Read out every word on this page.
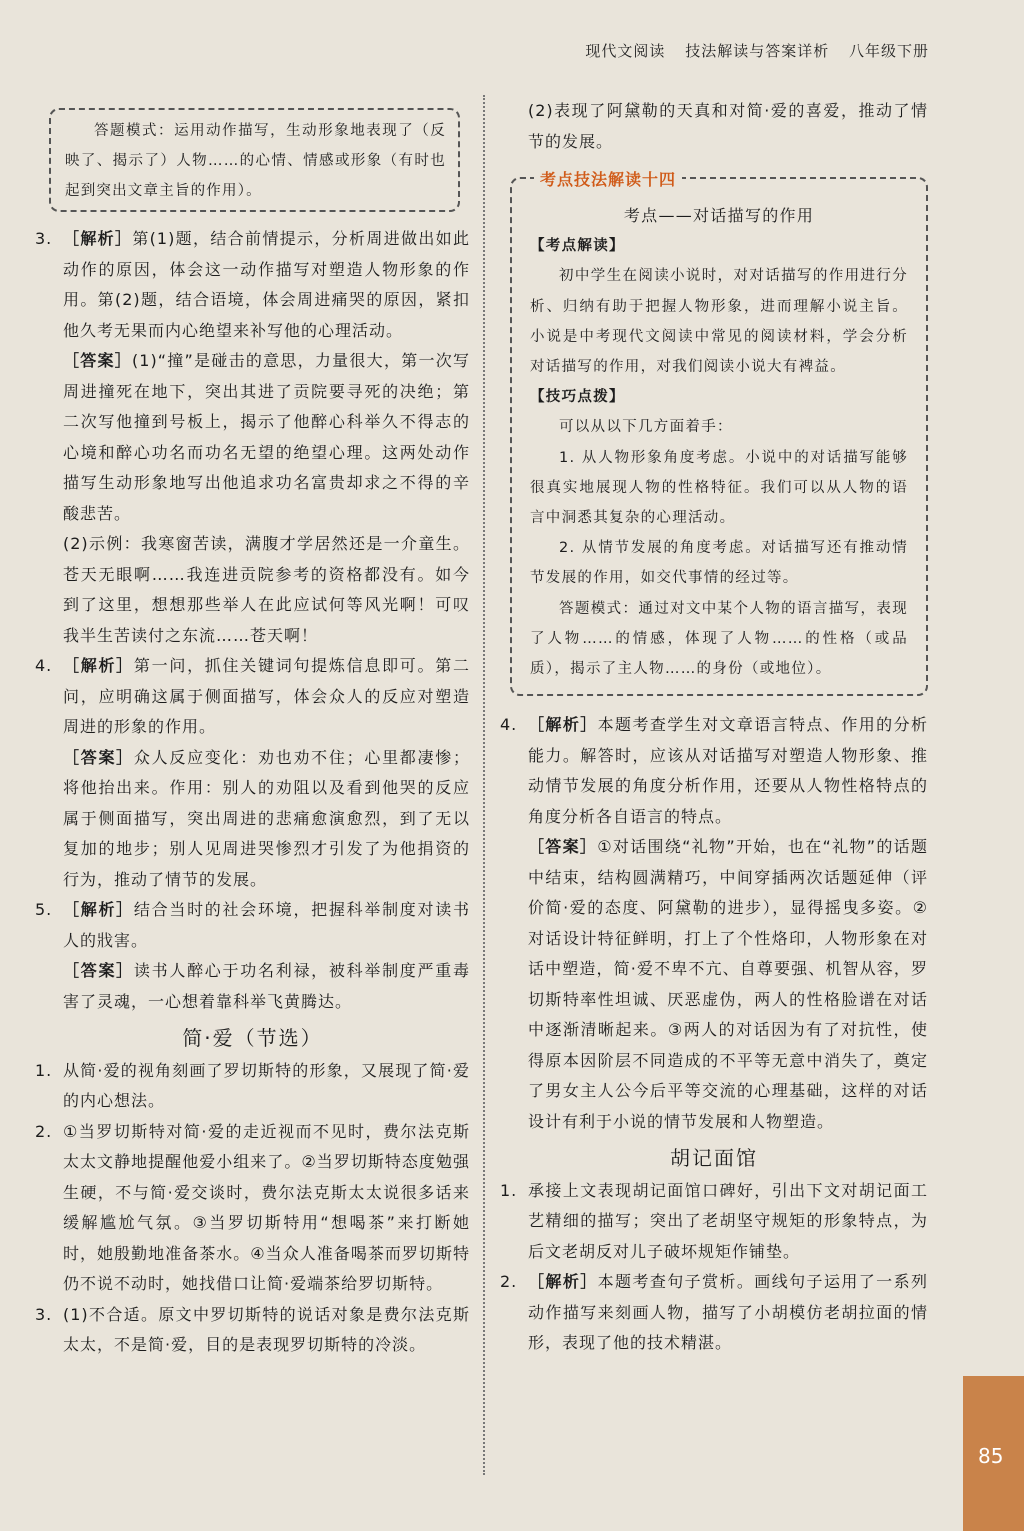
现代文阅读 技法解读与答案详析 八年级下册

答题模式：运用动作描写，生动形象地表现了（反映了、揭示了）人物……的心情、情感或形象（有时也起到突出文章主旨的作用）。

3. ［解析］第(1)题，结合前情提示，分析周进做出如此动作的原因，体会这一动作描写对塑造人物形象的作用。第(2)题，结合语境，体会周进痛哭的原因，紧扣他久考无果而内心绝望来补写他的心理活动。

［答案］(1)“撞”是碰击的意思，力量很大，第一次写周进撞死在地下，突出其进了贡院要寻死的决绝；第二次写他撞到号板上，揭示了他醉心科举久不得志的心境和醉心功名而功名无望的绝望心理。这两处动作描写生动形象地写出他追求功名富贵却求之不得的辛酸悲苦。

(2)示例：我寒窗苦读，满腹才学居然还是一介童生。苍天无眼啊……我连进贡院参考的资格都没有。如今到了这里，想想那些举人在此应试何等风光啊！可叹我半生苦读付之东流……苍天啊！

4. ［解析］第一问，抓住关键词句提炼信息即可。第二问，应明确这属于侧面描写，体会众人的反应对塑造周进的形象的作用。

［答案］众人反应变化：劝也劝不住；心里都凄惨；将他抬出来。作用：别人的劝阻以及看到他哭的反应属于侧面描写，突出周进的悲痛愈演愈烈，到了无以复加的地步；别人见周进哭惨烈才引发了为他捐资的行为，推动了情节的发展。

5. ［解析］结合当时的社会环境，把握科举制度对读书人的戕害。

［答案］读书人醉心于功名利禄，被科举制度严重毒害了灵魂，一心想着靠科举飞黄腾达。

简·爱（节选）
1. 从简·爱的视角刻画了罗切斯特的形象，又展现了简·爱的内心想法。

2. ①当罗切斯特对简·爱的走近视而不见时，费尔法克斯太太文静地提醒他爱小组来了。②当罗切斯特态度勉强生硬，不与简·爱交谈时，费尔法克斯太太说很多话来缓解尴尬气氛。③当罗切斯特用“想喝茶”来打断她时，她殷勤地准备茶水。④当众人准备喝茶而罗切斯特仍不说不动时，她找借口让简·爱端茶给罗切斯特。

3. (1)不合适。原文中罗切斯特的说话对象是费尔法克斯太太，不是简·爱，目的是表现罗切斯特的冷淡。

(2)表现了阿黛勒的天真和对简·爱的喜爱，推动了情节的发展。

考点技法解读十四
考点——对话描写的作用
【考点解读】

初中学生在阅读小说时，对对话描写的作用进行分析、归纳有助于把握人物形象，进而理解小说主旨。小说是中考现代文阅读中常见的阅读材料，学会分析对话描写的作用，对我们阅读小说大有裨益。

【技巧点拨】

可以从以下几方面着手：

1. 从人物形象角度考虑。小说中的对话描写能够很真实地展现人物的性格特征。我们可以从人物的语言中洞悉其复杂的心理活动。

2. 从情节发展的角度考虑。对话描写还有推动情节发展的作用，如交代事情的经过等。

答题模式：通过对文中某个人物的语言描写，表现了人物……的情感，体现了人物……的性格（或品质），揭示了主人物……的身份（或地位）。

4. ［解析］本题考查学生对文章语言特点、作用的分析能力。解答时，应该从对话描写对塑造人物形象、推动情节发展的角度分析作用，还要从人物性格特点的角度分析各自语言的特点。

［答案］①对话围绕“礼物”开始，也在“礼物”的话题中结束，结构圆满精巧，中间穿插两次话题延伸（评价简·爱的态度、阿黛勒的进步），显得摇曳多姿。②对话设计特征鲜明，打上了个性烙印，人物形象在对话中塑造，简·爱不卑不亢、自尊要强、机智从容，罗切斯特率性坦诚、厌恶虚伪，两人的性格脸谱在对话中逐渐清晰起来。③两人的对话因为有了对抗性，使得原本因阶层不同造成的不平等无意中消失了，奠定了男女主人公今后平等交流的心理基础，这样的对话设计有利于小说的情节发展和人物塑造。

胡记面馆
1. 承接上文表现胡记面馆口碑好，引出下文对胡记面工艺精细的描写；突出了老胡坚守规矩的形象特点，为后文老胡反对儿子破坏规矩作铺垫。

2. ［解析］本题考查句子赏析。画线句子运用了一系列动作描写来刻画人物，描写了小胡模仿老胡拉面的情形，表现了他的技术精湛。

85
